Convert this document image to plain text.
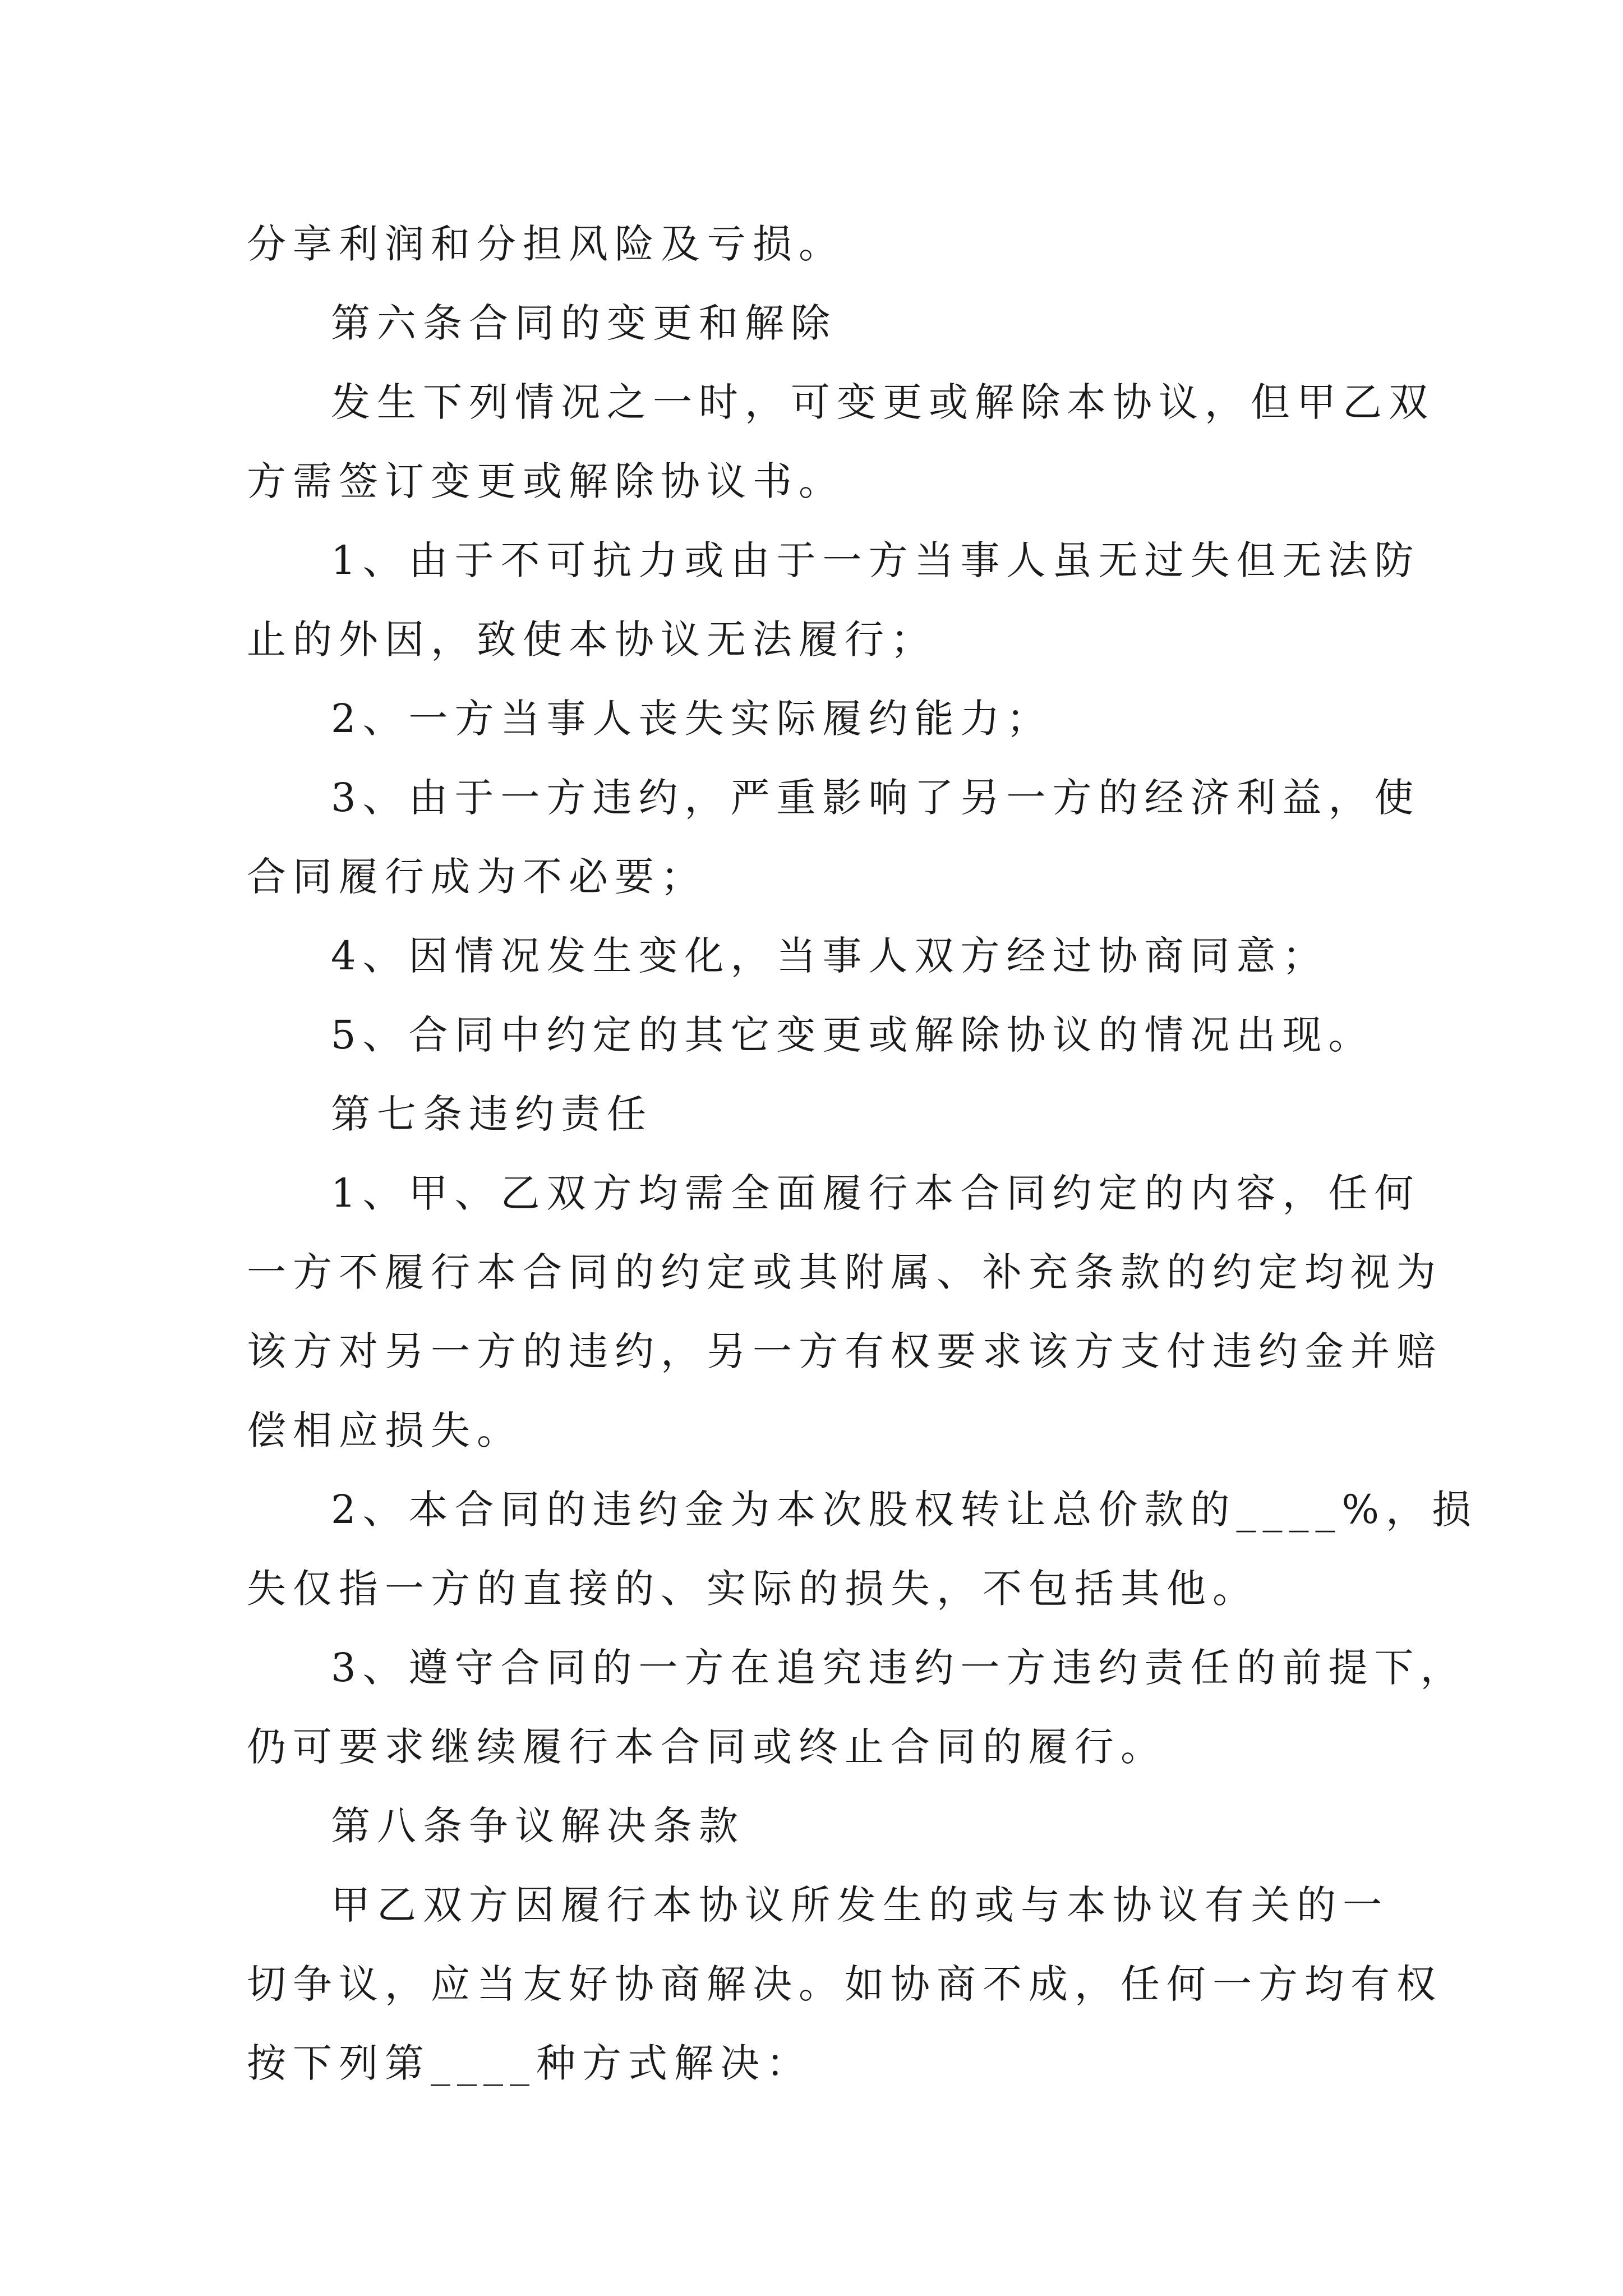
分享利润和分担风险及亏损。
第六条合同的变更和解除
发生下列情况之一时，可变更或解除本协议，但甲乙双
方需签订变更或解除协议书。
1、由于不可抗力或由于一方当事人虽无过失但无法防
止的外因，致使本协议无法履行；
2、一方当事人丧失实际履约能力；
3、由于一方违约，严重影响了另一方的经济利益，使
合同履行成为不必要；
4、因情况发生变化，当事人双方经过协商同意；
5、合同中约定的其它变更或解除协议的情况出现。
第七条违约责任
1、甲、乙双方均需全面履行本合同约定的内容，任何
一方不履行本合同的约定或其附属、补充条款的约定均视为
该方对另一方的违约，另一方有权要求该方支付违约金并赔
偿相应损失。
2、本合同的违约金为本次股权转让总价款的____%，损
失仅指一方的直接的、实际的损失，不包括其他。
3、遵守合同的一方在追究违约一方违约责任的前提下，
仍可要求继续履行本合同或终止合同的履行。
第八条争议解决条款
甲乙双方因履行本协议所发生的或与本协议有关的一
切争议，应当友好协商解决。如协商不成，任何一方均有权
按下列第____种方式解决：
